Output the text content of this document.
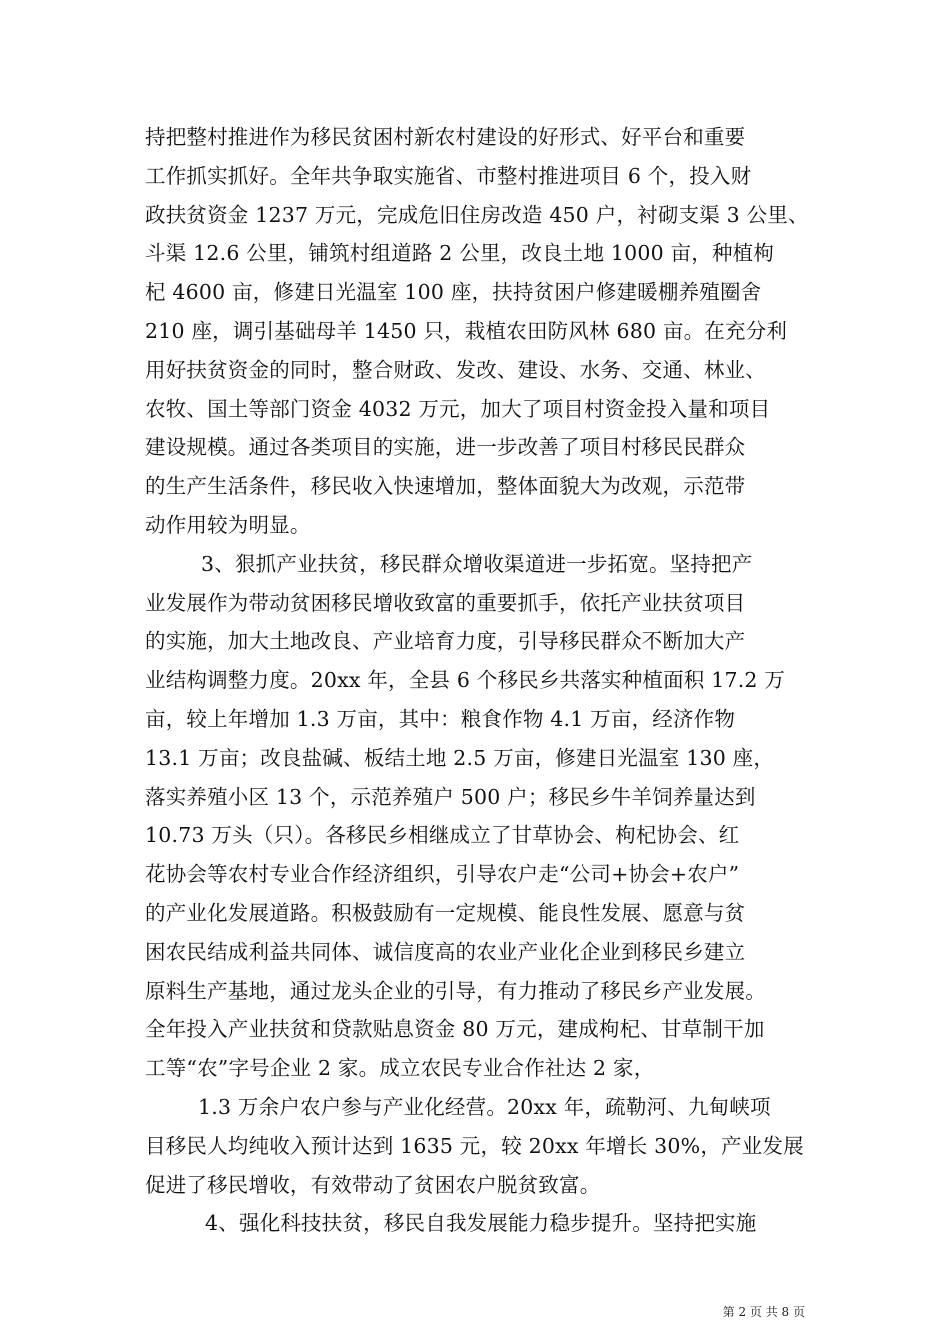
持把整村推进作为移民贫困村新农村建设的好形式、好平台和重要
工作抓实抓好。全年共争取实施省、市整村推进项目 6 个，投入财
政扶贫资金 1237 万元，完成危旧住房改造 450 户，衬砌支渠 3 公里、
斗渠 12.6 公里，铺筑村组道路 2 公里，改良土地 1000 亩，种植枸
杞 4600 亩，修建日光温室 100 座，扶持贫困户修建暖棚养殖圈舍
210 座，调引基础母羊 1450 只，栽植农田防风林 680 亩。在充分利
用好扶贫资金的同时，整合财政、发改、建设、水务、交通、林业、
农牧、国土等部门资金 4032 万元，加大了项目村资金投入量和项目
建设规模。通过各类项目的实施，进一步改善了项目村移民民群众
的生产生活条件，移民收入快速增加，整体面貌大为改观，示范带
动作用较为明显。
3、狠抓产业扶贫，移民群众增收渠道进一步拓宽。坚持把产
业发展作为带动贫困移民增收致富的重要抓手，依托产业扶贫项目
的实施，加大土地改良、产业培育力度，引导移民群众不断加大产
业结构调整力度。20xx 年，全县 6 个移民乡共落实种植面积 17.2 万
亩，较上年增加 1.3 万亩，其中：粮食作物 4.1 万亩，经济作物
13.1 万亩；改良盐碱、板结土地 2.5 万亩，修建日光温室 130 座，
落实养殖小区 13 个，示范养殖户 500 户；移民乡牛羊饲养量达到
10.73 万头（只）。各移民乡相继成立了甘草协会、枸杞协会、红
花协会等农村专业合作经济组织，引导农户走“公司+协会+农户”
的产业化发展道路。积极鼓励有一定规模、能良性发展、愿意与贫
困农民结成利益共同体、诚信度高的农业产业化企业到移民乡建立
原料生产基地，通过龙头企业的引导，有力推动了移民乡产业发展。
全年投入产业扶贫和贷款贴息资金 80 万元，建成枸杞、甘草制干加
工等“农”字号企业 2 家。成立农民专业合作社达 2 家，
1.3 万余户农户参与产业化经营。20xx 年，疏勒河、九甸峡项
目移民人均纯收入预计达到 1635 元，较 20xx 年增长 30%，产业发展
促进了移民增收，有效带动了贫困农户脱贫致富。
4、强化科技扶贫，移民自我发展能力稳步提升。坚持把实施
第 2 页 共 8 页
